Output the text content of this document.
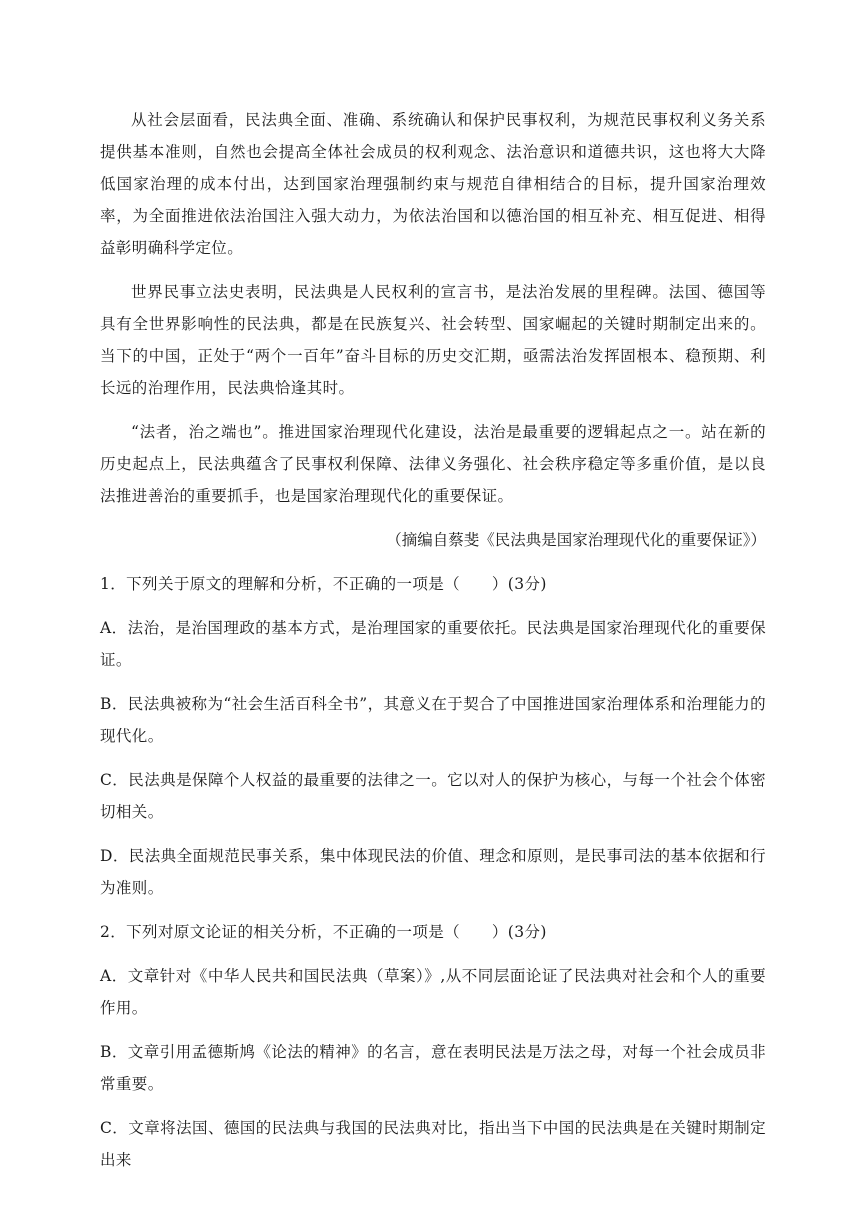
从社会层面看，民法典全面、准确、系统确认和保护民事权利，为规范民事权利义务关系提供基本准则，自然也会提高全体社会成员的权利观念、法治意识和道德共识，这也将大大降低国家治理的成本付出，达到国家治理强制约束与规范自律相结合的目标，提升国家治理效率，为全面推进依法治国注入强大动力，为依法治国和以德治国的相互补充、相互促进、相得益彰明确科学定位。

世界民事立法史表明，民法典是人民权利的宣言书，是法治发展的里程碑。法国、德国等具有全世界影响性的民法典，都是在民族复兴、社会转型、国家崛起的关键时期制定出来的。当下的中国，正处于“两个一百年”奋斗目标的历史交汇期，亟需法治发挥固根本、稳预期、利长远的治理作用，民法典恰逢其时。

“法者，治之端也”。推进国家治理现代化建设，法治是最重要的逻辑起点之一。站在新的历史起点上，民法典蕴含了民事权利保障、法律义务强化、社会秩序稳定等多重价值，是以良法推进善治的重要抓手，也是国家治理现代化的重要保证。

（摘编自蔡斐《民法典是国家治理现代化的重要保证》）

1．下列关于原文的理解和分析，不正确的一项是（　　）(3分)

A．法治，是治国理政的基本方式，是治理国家的重要依托。民法典是国家治理现代化的重要保证。

B．民法典被称为“社会生活百科全书”，其意义在于契合了中国推进国家治理体系和治理能力的现代化。

C．民法典是保障个人权益的最重要的法律之一。它以对人的保护为核心，与每一个社会个体密切相关。

D．民法典全面规范民事关系，集中体现民法的价值、理念和原则，是民事司法的基本依据和行为准则。

2．下列对原文论证的相关分析，不正确的一项是（　　）(3分)

A．文章针对《中华人民共和国民法典（草案）》,从不同层面论证了民法典对社会和个人的重要作用。

B．文章引用孟德斯鸠《论法的精神》的名言，意在表明民法是万法之母，对每一个社会成员非常重要。

C．文章将法国、德国的民法典与我国的民法典对比，指出当下中国的民法典是在关键时期制定出来
